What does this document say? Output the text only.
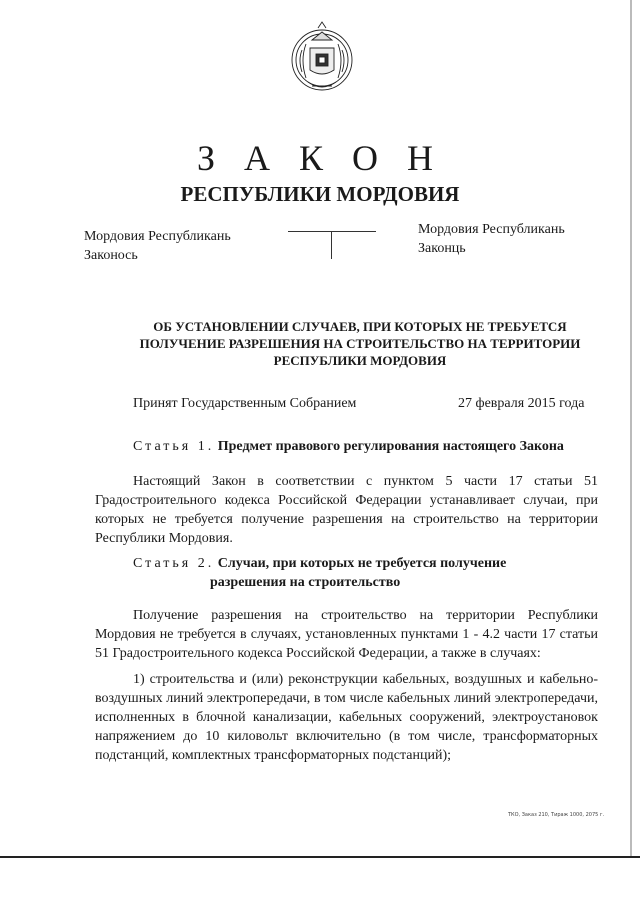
З А К О Н
РЕСПУБЛИКИ МОРДОВИЯ
Мордовия Республикань
Законось
Мордовия Республикань
Законць
ОБ УСТАНОВЛЕНИИ СЛУЧАЕВ, ПРИ КОТОРЫХ НЕ ТРЕБУЕТСЯ
ПОЛУЧЕНИЕ РАЗРЕШЕНИЯ НА СТРОИТЕЛЬСТВО НА ТЕРРИТОРИИ
РЕСПУБЛИКИ МОРДОВИЯ
Принят Государственным Собранием	27 февраля 2015 года
Статья 1. Предмет правового регулирования настоящего Закона
Настоящий Закон в соответствии с пунктом 5 части 17 статьи 51 Градостроительного кодекса Российской Федерации устанавливает случаи, при которых не требуется получение разрешения на строительство на территории Республики Мордовия.
Статья 2. Случаи, при которых не требуется получение
разрешения на строительство
Получение разрешения на строительство на территории Республики Мордовия не требуется в случаях, установленных пунктами 1 - 4.2 части 17 статьи 51 Градостроительного кодекса Российской Федерации, а также в случаях:
1) строительства и (или) реконструкции кабельных, воздушных и кабельно-воздушных линий электропередачи, в том числе кабельных линий электропередачи, исполненных в блочной канализации, кабельных сооружений, электроустановок напряжением до 10 киловольт включительно (в том числе, трансформаторных подстанций, комплектных трансформаторных подстанций);
ТКО, Заказ 210, Тираж 1000, 2075 г.
